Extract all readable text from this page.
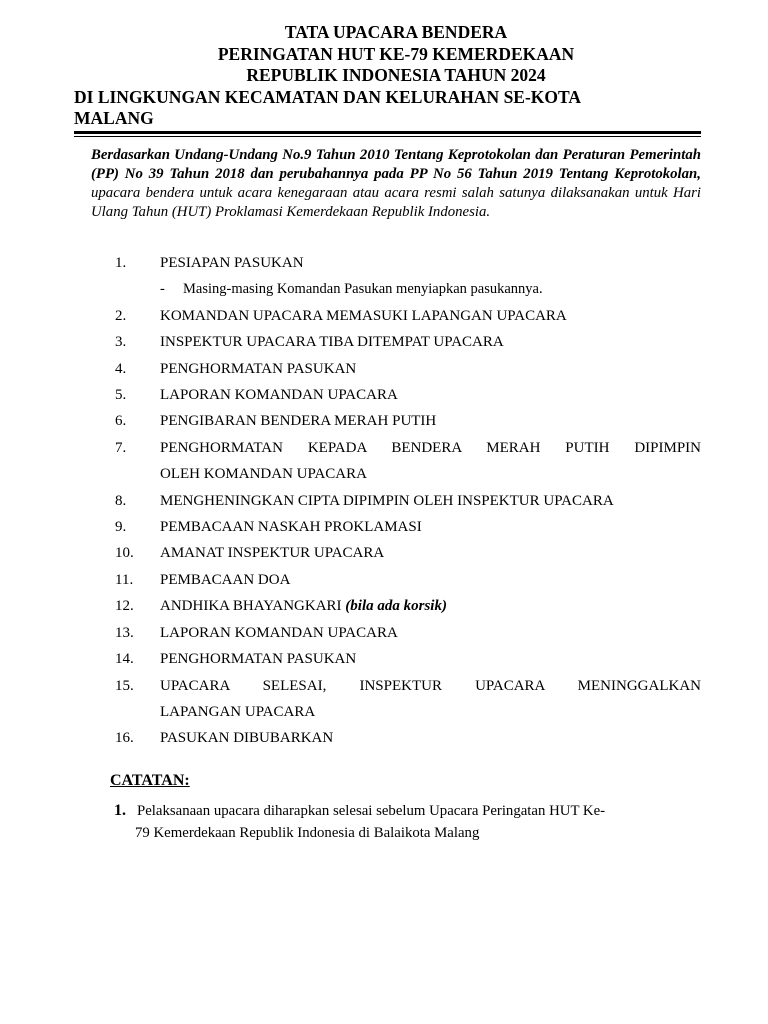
TATA UPACARA BENDERA
PERINGATAN HUT KE-79 KEMERDEKAAN
REPUBLIK INDONESIA TAHUN 2024
DI LINGKUNGAN KECAMATAN DAN KELURAHAN SE-KOTA
MALANG
Berdasarkan Undang-Undang No.9 Tahun 2010 Tentang Keprotokolan dan Peraturan Pemerintah (PP) No 39 Tahun 2018 dan perubahannya pada PP No 56 Tahun 2019 Tentang Keprotokolan, upacara bendera untuk acara kenegaraan atau acara resmi salah satunya dilaksanakan untuk Hari Ulang Tahun (HUT) Proklamasi Kemerdekaan Republik Indonesia.
1. PESIAPAN PASUKAN
- Masing-masing Komandan Pasukan menyiapkan pasukannya.
2. KOMANDAN UPACARA MEMASUKI LAPANGAN UPACARA
3. INSPEKTUR UPACARA TIBA DITEMPAT UPACARA
4. PENGHORMATAN PASUKAN
5. LAPORAN KOMANDAN UPACARA
6. PENGIBARAN BENDERA MERAH PUTIH
7. PENGHORMATAN KEPADA BENDERA MERAH PUTIH DIPIMPIN
OLEH KOMANDAN UPACARA
8. MENGHENINGKAN CIPTA DIPIMPIN OLEH INSPEKTUR UPACARA
9. PEMBACAAN NASKAH PROKLAMASI
10. AMANAT INSPEKTUR UPACARA
11. PEMBACAAN DOA
12. ANDHIKA BHAYANGKARI (bila ada korsik)
13. LAPORAN KOMANDAN UPACARA
14. PENGHORMATAN PASUKAN
15. UPACARA SELESAI, INSPEKTUR UPACARA MENINGGALKAN
LAPANGAN UPACARA
16. PASUKAN DIBUBARKAN
CATATAN:
1. Pelaksanaan upacara diharapkan selesai sebelum Upacara Peringatan HUT Ke-
79 Kemerdekaan Republik Indonesia di Balaikota Malang
